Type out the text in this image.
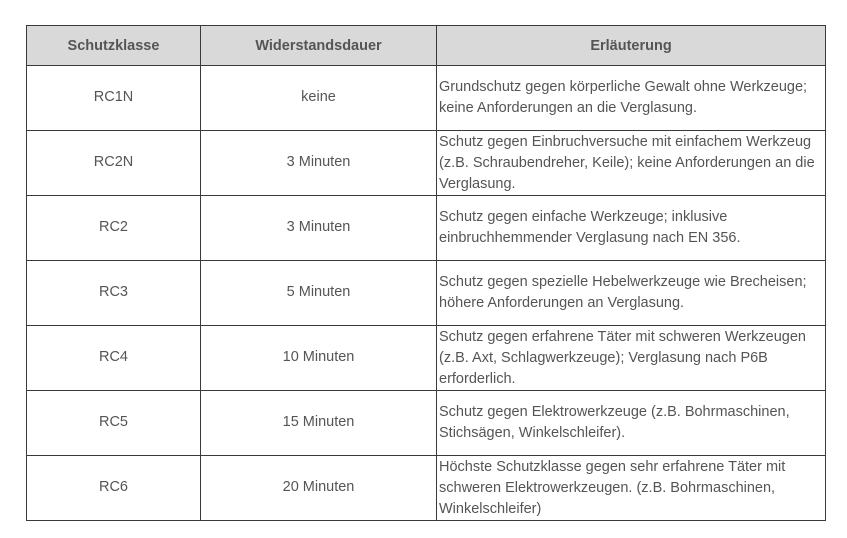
Schutzklasse	Widerstandsdauer	Erläuterung
RC1N	keine	Grundschutz gegen körperliche Gewalt ohne Werkzeuge; keine Anforderungen an die Verglasung.
RC2N	3 Minuten	Schutz gegen Einbruchversuche mit einfachem Werkzeug (z.B. Schraubendreher, Keile); keine Anforderungen an die Verglasung.
RC2	3 Minuten	Schutz gegen einfache Werkzeuge; inklusive einbruchhemmender Verglasung nach EN 356.
RC3	5 Minuten	Schutz gegen spezielle Hebelwerkzeuge wie Brecheisen; höhere Anforderungen an Verglasung.
RC4	10 Minuten	Schutz gegen erfahrene Täter mit schweren Werkzeugen (z.B. Axt, Schlagwerkzeuge); Verglasung nach P6B erforderlich.
RC5	15 Minuten	Schutz gegen Elektrowerkzeuge (z.B. Bohrmaschinen, Stichsägen, Winkelschleifer).
RC6	20 Minuten	Höchste Schutzklasse gegen sehr erfahrene Täter mit schweren Elektrowerkzeugen. (z.B. Bohrmaschinen, Winkelschleifer)
